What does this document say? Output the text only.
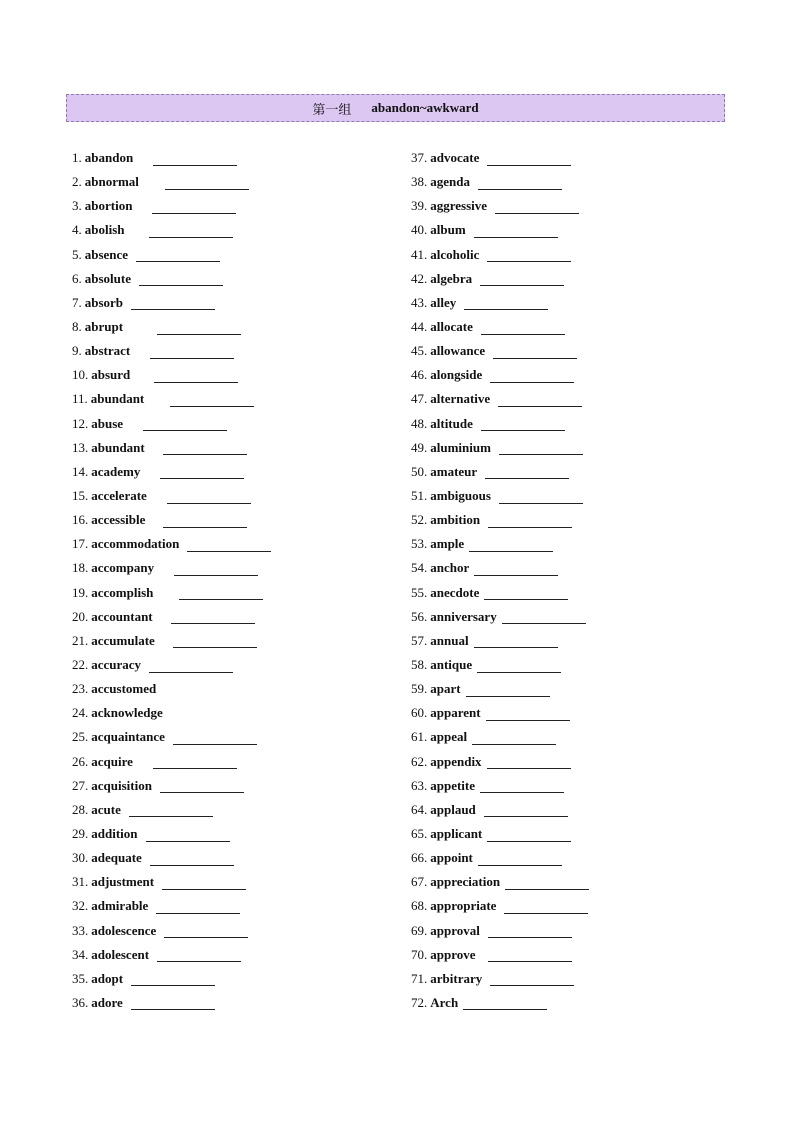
第一组 abandon~awkward
1. abandon
2. abnormal
3. abortion
4. abolish
5. absence
6. absolute
7. absorb
8. abrupt
9. abstract
10. absurd
11. abundant
12. abuse
13. abundant
14. academy
15. accelerate
16. accessible
17. accommodation
18. accompany
19. accomplish
20. accountant
21. accumulate
22. accuracy
23. accustomed
24. acknowledge
25. acquaintance
26. acquire
27. acquisition
28. acute
29. addition
30. adequate
31. adjustment
32. admirable
33. adolescence
34. adolescent
35. adopt
36. adore
37. advocate
38. agenda
39. aggressive
40. album
41. alcoholic
42. algebra
43. alley
44. allocate
45. allowance
46. alongside
47. alternative
48. altitude
49. aluminium
50. amateur
51. ambiguous
52. ambition
53. ample
54. anchor
55. anecdote
56. anniversary
57. annual
58. antique
59. apart
60. apparent
61. appeal
62. appendix
63. appetite
64. applaud
65. applicant
66. appoint
67. appreciation
68. appropriate
69. approval
70. approve
71. arbitrary
72. Arch
